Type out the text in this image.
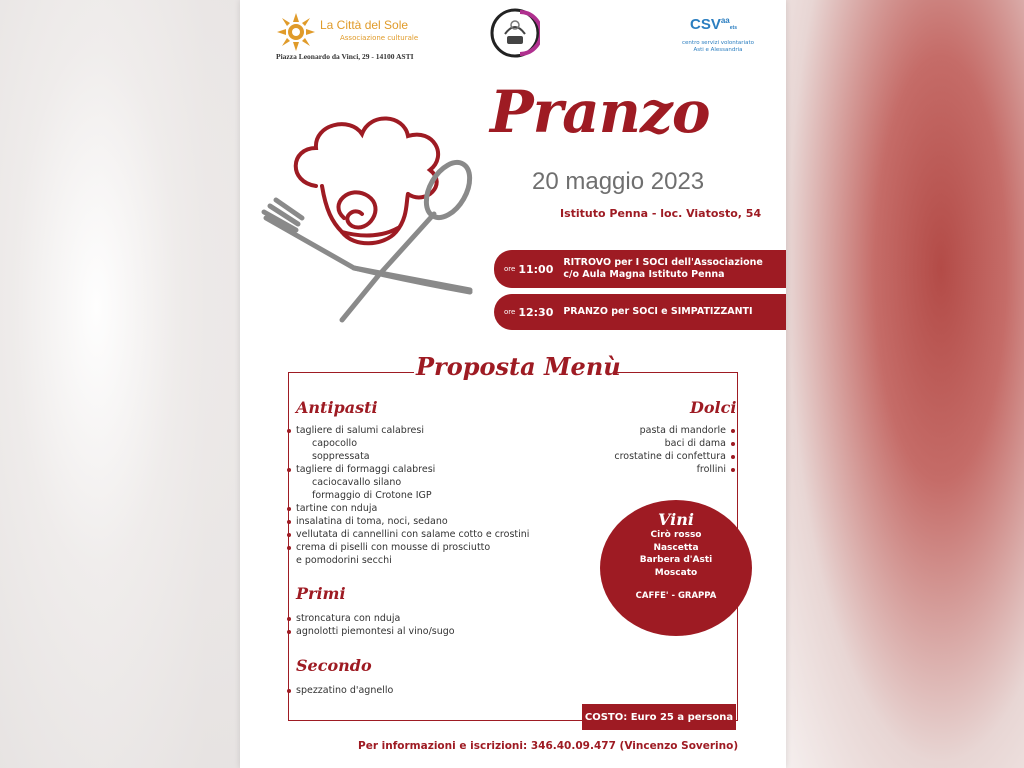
La Città del Sole
Associazione culturale
Piazza Leonardo da Vinci, 29 - 14100 ASTI
$CSV^{aa}ets$
centro servizi volontariato Asti e Alessandria
Pranzo
20 maggio 2023
Istituto Penna - loc. Viatosto, 54
ore 11:00 RITROVO per I SOCI dell'Associazione
c/o Aula Magna Istituto Penna
ore 12:30 PRANZO per SOCI e SIMPATIZZANTI
Proposta Menù
Antipasti
tagliere di salumi calabresi
capocollo
soppressata
tagliere di formaggi calabresi
caciocavallo silano
formaggio di Crotone IGP
tartine con nduja
insalatina di toma, noci, sedano
vellutata di cannellini con salame cotto e crostini
crema di piselli con mousse di prosciutto
e pomodorini secchi
Primi
stroncatura con nduja
agnolotti piemontesi al vino/sugo
Secondo
spezzatino d'agnello
Dolci
pasta di mandorle
baci di dama
crostatine di confettura
frollini
Vini
Cirò rosso
Nascetta
Barbera d'Asti
Moscato
CAFFE' - GRAPPA
COSTO: Euro 25 a persona
Per informazioni e iscrizioni: 346.40.09.477 (Vincenzo Soverino)
